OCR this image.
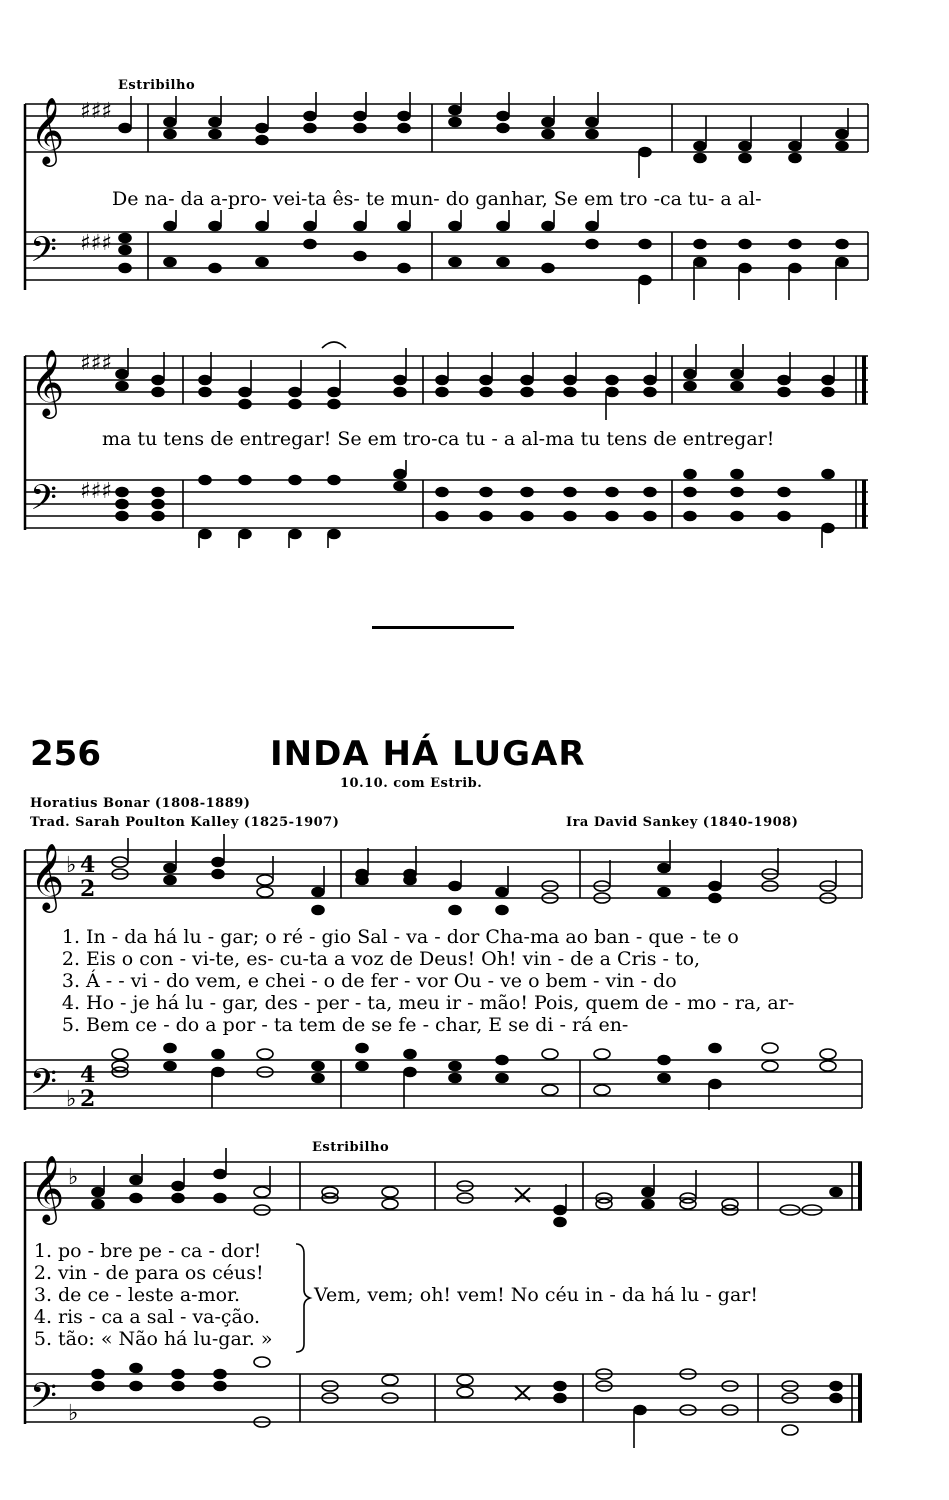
Estribilho
𝄞 ♯♯♯
𝄢 ♯♯♯
De na- da a-pro- vei-ta ês- te mun- do ganhar, Se em tro -ca tu- a al-
𝄞 ♯♯♯
𝄢 ♯♯♯
ma tu tens de entregar! Se em tro-ca tu - a al-ma tu tens de entregar!
256	INDA HÁ LUGAR
10.10. com Estrib.
Horatius Bonar (1808-1889)
Trad. Sarah Poulton Kalley (1825-1907)	Ira David Sankey (1840-1908)
𝄞 ♭ 4
2
𝄢 ♭
4
2
1. In - da há lu - gar; o ré - gio Sal - va - dor Cha-ma ao ban - que - te o
2. Eis o con - vi-te, es- cu-ta a voz de Deus! Oh! vin - de a Cris - to,
3. Á - - vi - do vem, e chei - o de fer - vor Ou - ve o bem - vin - do
4. Ho - je há lu - gar, des - per - ta, meu ir - mão! Pois, quem de - mo - ra, ar-
5. Bem ce - do a por - ta tem de se fe - char, E se di - rá en-
Estribilho
𝄞 ♭
𝄢 ♭
1. po - bre pe - ca - dor!
2. vin - de para os céus!
3. de ce - leste a-mor.
4. ris - ca a sal - va-ção.
5. tão: « Não há lu-gar. »
Vem, vem; oh! vem! No céu in - da há lu - gar!
